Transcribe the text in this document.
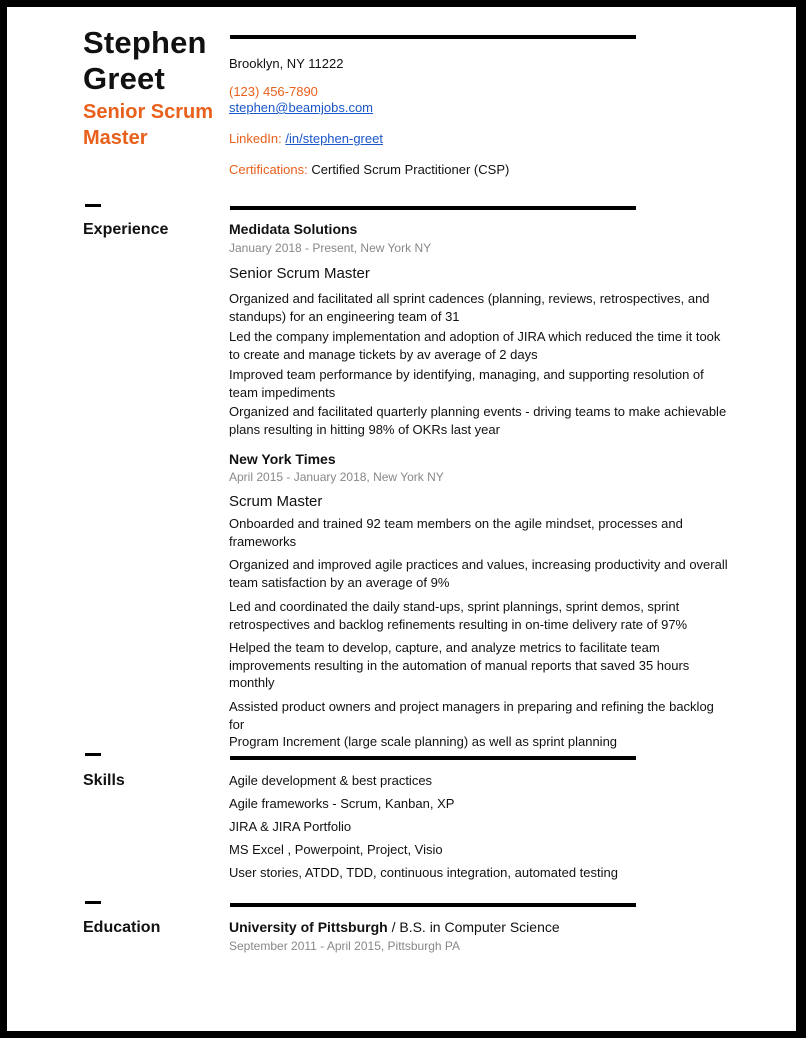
Stephen
Greet
Senior Scrum
Master
Brooklyn, NY 11222
(123) 456-7890
stephen@beamjobs.com
LinkedIn: /in/stephen-greet
Certifications: Certified Scrum Practitioner (CSP)
Experience	Medidata Solutions
January 2018 - Present, New York NY
Senior Scrum Master
Organized and facilitated all sprint cadences (planning, reviews, retrospectives, and
standups) for an engineering team of 31
Led the company implementation and adoption of JIRA which reduced the time it took
to create and manage tickets by av average of 2 days
Improved team performance by identifying, managing, and supporting resolution of
team impediments
Organized and facilitated quarterly planning events - driving teams to make achievable
plans resulting in hitting 98% of OKRs last year
New York Times
April 2015 - January 2018, New York NY
Scrum Master
Onboarded and trained 92 team members on the agile mindset, processes and
frameworks
Organized and improved agile practices and values, increasing productivity and overall
team satisfaction by an average of 9%
Led and coordinated the daily stand-ups, sprint plannings, sprint demos, sprint
retrospectives and backlog refinements resulting in on-time delivery rate of 97%
Helped the team to develop, capture, and analyze metrics to facilitate team
improvements resulting in the automation of manual reports that saved 35 hours
monthly
Assisted product owners and project managers in preparing and refining the backlog for
Program Increment (large scale planning) as well as sprint planning
Skills	Agile development & best practices
Agile frameworks - Scrum, Kanban, XP
JIRA & JIRA Portfolio
MS Excel , Powerpoint, Project, Visio
User stories, ATDD, TDD, continuous integration, automated testing
Education	University of Pittsburgh / B.S. in Computer Science
September 2011 - April 2015, Pittsburgh PA
